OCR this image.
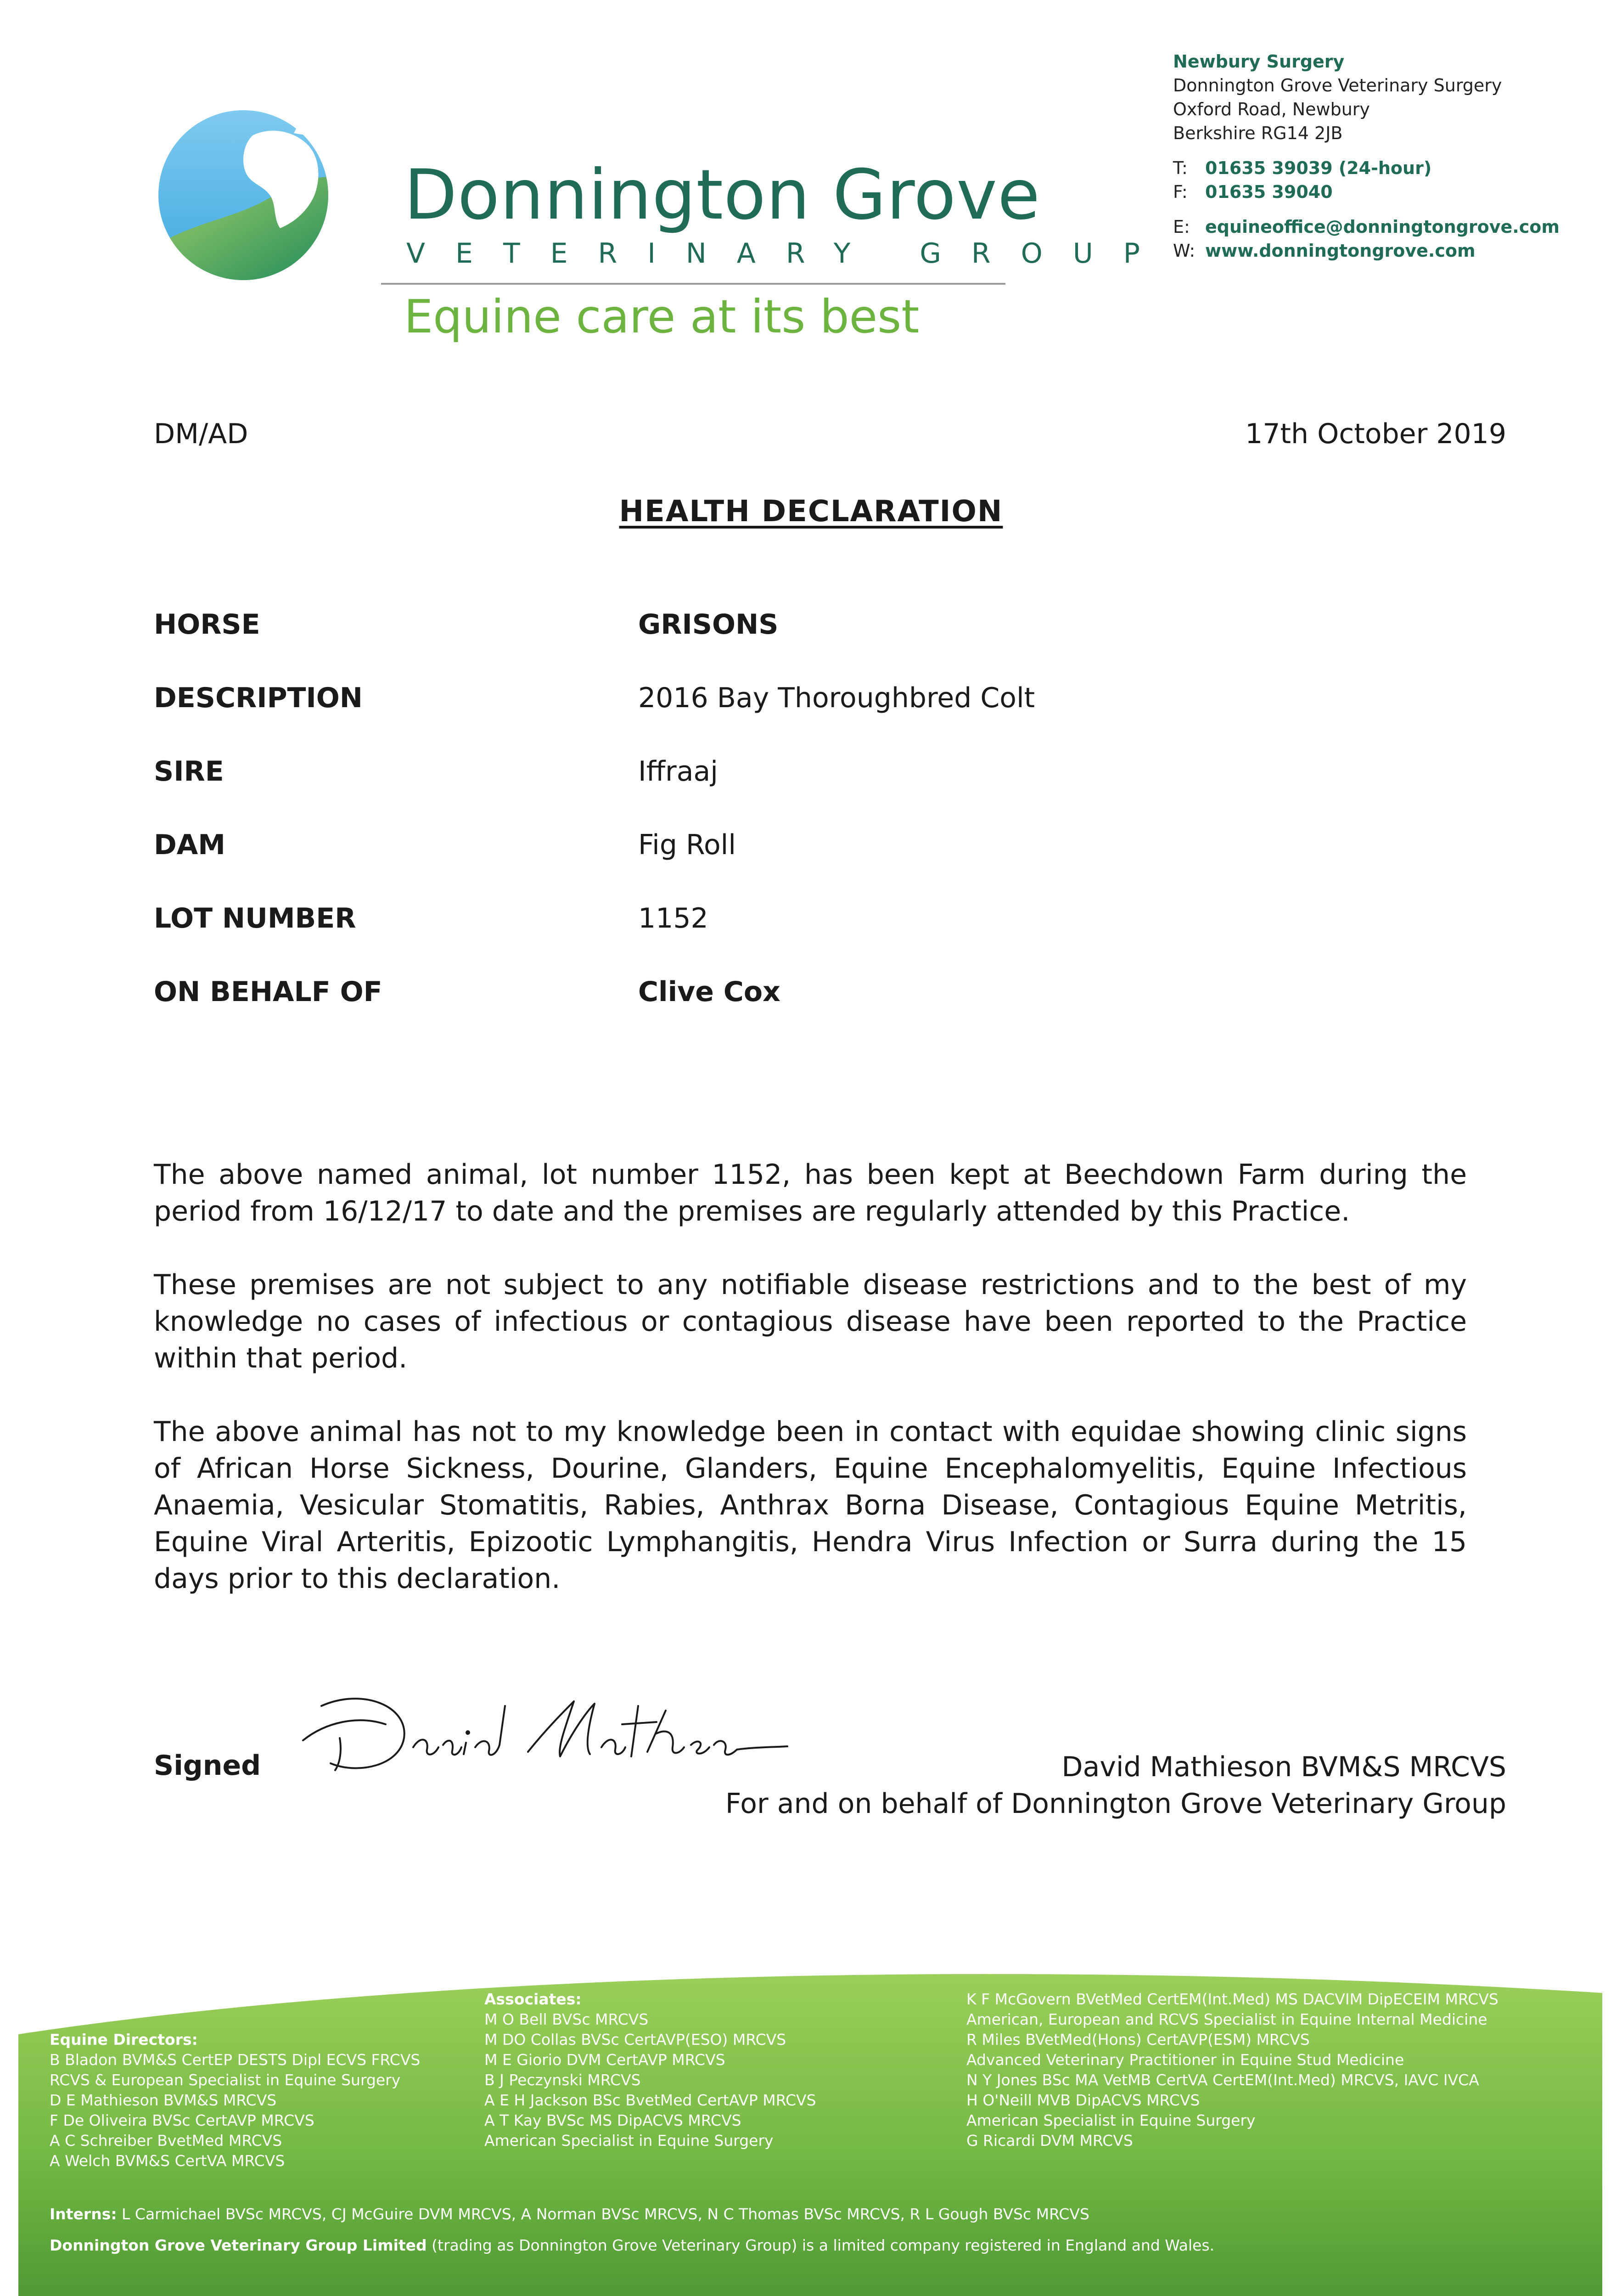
Donnington Grove
VETERINARY GROUP
Equine care at its best
Newbury Surgery
Donnington Grove Veterinary Surgery
Oxford Road, Newbury
Berkshire RG14 2JB
T: 01635 39039 (24-hour)
F: 01635 39040
E: equineoffice@donningtongrove.com
W: www.donningtongrove.com
DM/AD	17th October 2019
HEALTH DECLARATION
HORSE	GRISONS
DESCRIPTION	2016 Bay Thoroughbred Colt
SIRE	Iffraaj
DAM	Fig Roll
LOT NUMBER	1152
ON BEHALF OF	Clive Cox

The above named animal, lot number 1152, has been kept at Beechdown Farm during the period from 16/12/17 to date and the premises are regularly attended by this Practice.

These premises are not subject to any notifiable disease restrictions and to the best of my knowledge no cases of infectious or contagious disease have been reported to the Practice within that period.

The above animal has not to my knowledge been in contact with equidae showing clinic signs of African Horse Sickness, Dourine, Glanders, Equine Encephalomyelitis, Equine Infectious Anaemia, Vesicular Stomatitis, Rabies, Anthrax Borna Disease, Contagious Equine Metritis, Equine Viral Arteritis, Epizootic Lymphangitis, Hendra Virus Infection or Surra during the 15 days prior to this declaration.

Signed	David Mathieson BVM&S MRCVS
For and on behalf of Donnington Grove Veterinary Group
Equine Directors:
B Bladon BVM&S CertEP DESTS Dipl ECVS FRCVS
RCVS & European Specialist in Equine Surgery
D E Mathieson BVM&S MRCVS
F De Oliveira BVSc CertAVP MRCVS
A C Schreiber BvetMed MRCVS
A Welch BVM&S CertVA MRCVS
Associates:
M O Bell BVSc MRCVS
M DO Collas BVSc CertAVP(ESO) MRCVS
M E Giorio DVM CertAVP MRCVS
B J Peczynski MRCVS
A E H Jackson BSc BvetMed CertAVP MRCVS
A T Kay BVSc MS DipACVS MRCVS
American Specialist in Equine Surgery
K F McGovern BVetMed CertEM(Int.Med) MS DACVIM DipECEIM MRCVS
American, European and RCVS Specialist in Equine Internal Medicine
R Miles BVetMed(Hons) CertAVP(ESM) MRCVS
Advanced Veterinary Practitioner in Equine Stud Medicine
N Y Jones BSc MA VetMB CertVA CertEM(Int.Med) MRCVS, IAVC IVCA
H O'Neill MVB DipACVS MRCVS
American Specialist in Equine Surgery
G Ricardi DVM MRCVS
Interns: L Carmichael BVSc MRCVS, CJ McGuire DVM MRCVS, A Norman BVSc MRCVS, N C Thomas BVSc MRCVS, R L Gough BVSc MRCVS
Donnington Grove Veterinary Group Limited (trading as Donnington Grove Veterinary Group) is a limited company registered in England and Wales.
